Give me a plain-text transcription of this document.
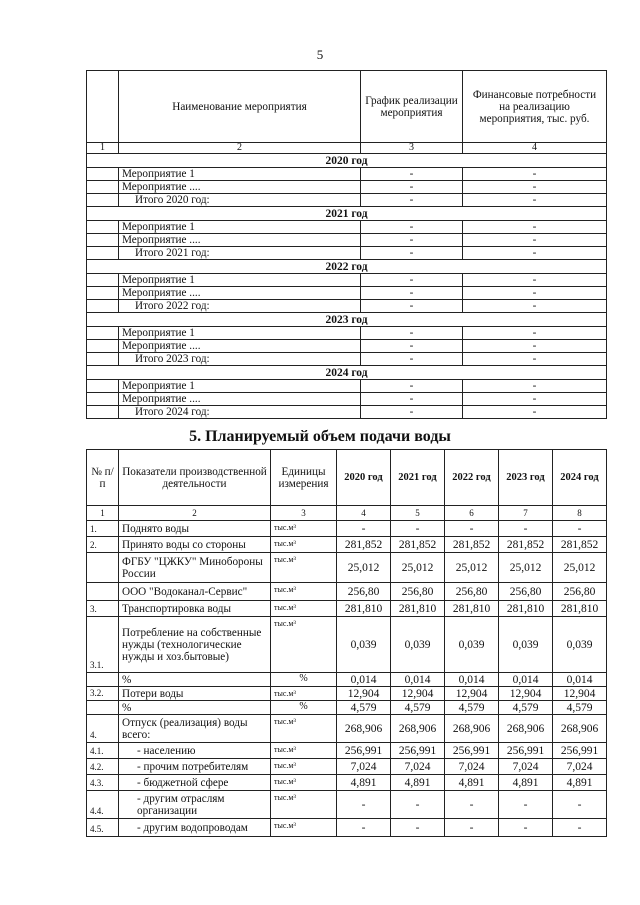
5
	Наименование мероприятия	График реализации мероприятия	Финансовые потребности на реализацию мероприятия, тыс. руб.
1	2	3	4
2020 год			
	Мероприятие 1	-	-
	Мероприятие ....	-	-
	Итого 2020 год:	-	-
2021 год			
	Мероприятие 1	-	-
	Мероприятие ....	-	-
	Итого 2021 год:	-	-
2022 год			
	Мероприятие 1	-	-
	Мероприятие ....	-	-
	Итого 2022 год:	-	-
2023 год			
	Мероприятие 1	-	-
	Мероприятие ....	-	-
	Итого 2023 год:	-	-
2024 год			
	Мероприятие 1	-	-
	Мероприятие ....	-	-
	Итого 2024 год:	-	-
5. Планируемый объем подачи воды
№ п/п	Показатели производственной деятельности	Единицы измерения	2020 год	2021 год	2022 год	2023 год	2024 год
1	2	3	4	5	6	7	8
1.	Поднято воды	тыс.м³	-	-	-	-	-
2.	Принято воды со стороны	тыс.м³	281,852	281,852	281,852	281,852	281,852
	ФГБУ "ЦЖКУ" Минобороны России	тыс.м³	25,012	25,012	25,012	25,012	25,012
	ООО "Водоканал-Сервис"	тыс.м³	256,80	256,80	256,80	256,80	256,80
3.	Транспортировка воды	тыс.м³	281,810	281,810	281,810	281,810	281,810
3.1.	Потребление на собственные нужды (технологические нужды и хоз.бытовые)	тыс.м³	0,039	0,039	0,039	0,039	0,039
	%	%	0,014	0,014	0,014	0,014	0,014
3.2.	Потери воды	тыс.м³	12,904	12,904	12,904	12,904	12,904
	%	%	4,579	4,579	4,579	4,579	4,579
4.	Отпуск (реализация) воды всего:	тыс.м³	268,906	268,906	268,906	268,906	268,906
4.1.	- населению	тыс.м³	256,991	256,991	256,991	256,991	256,991
4.2.	- прочим потребителям	тыс.м³	7,024	7,024	7,024	7,024	7,024
4.3.	- бюджетной сфере	тыс.м³	4,891	4,891	4,891	4,891	4,891
4.4.	- другим отраслям организации	тыс.м³	-	-	-	-	-
4.5.	- другим водопроводам	тыс.м³	-	-	-	-	-
